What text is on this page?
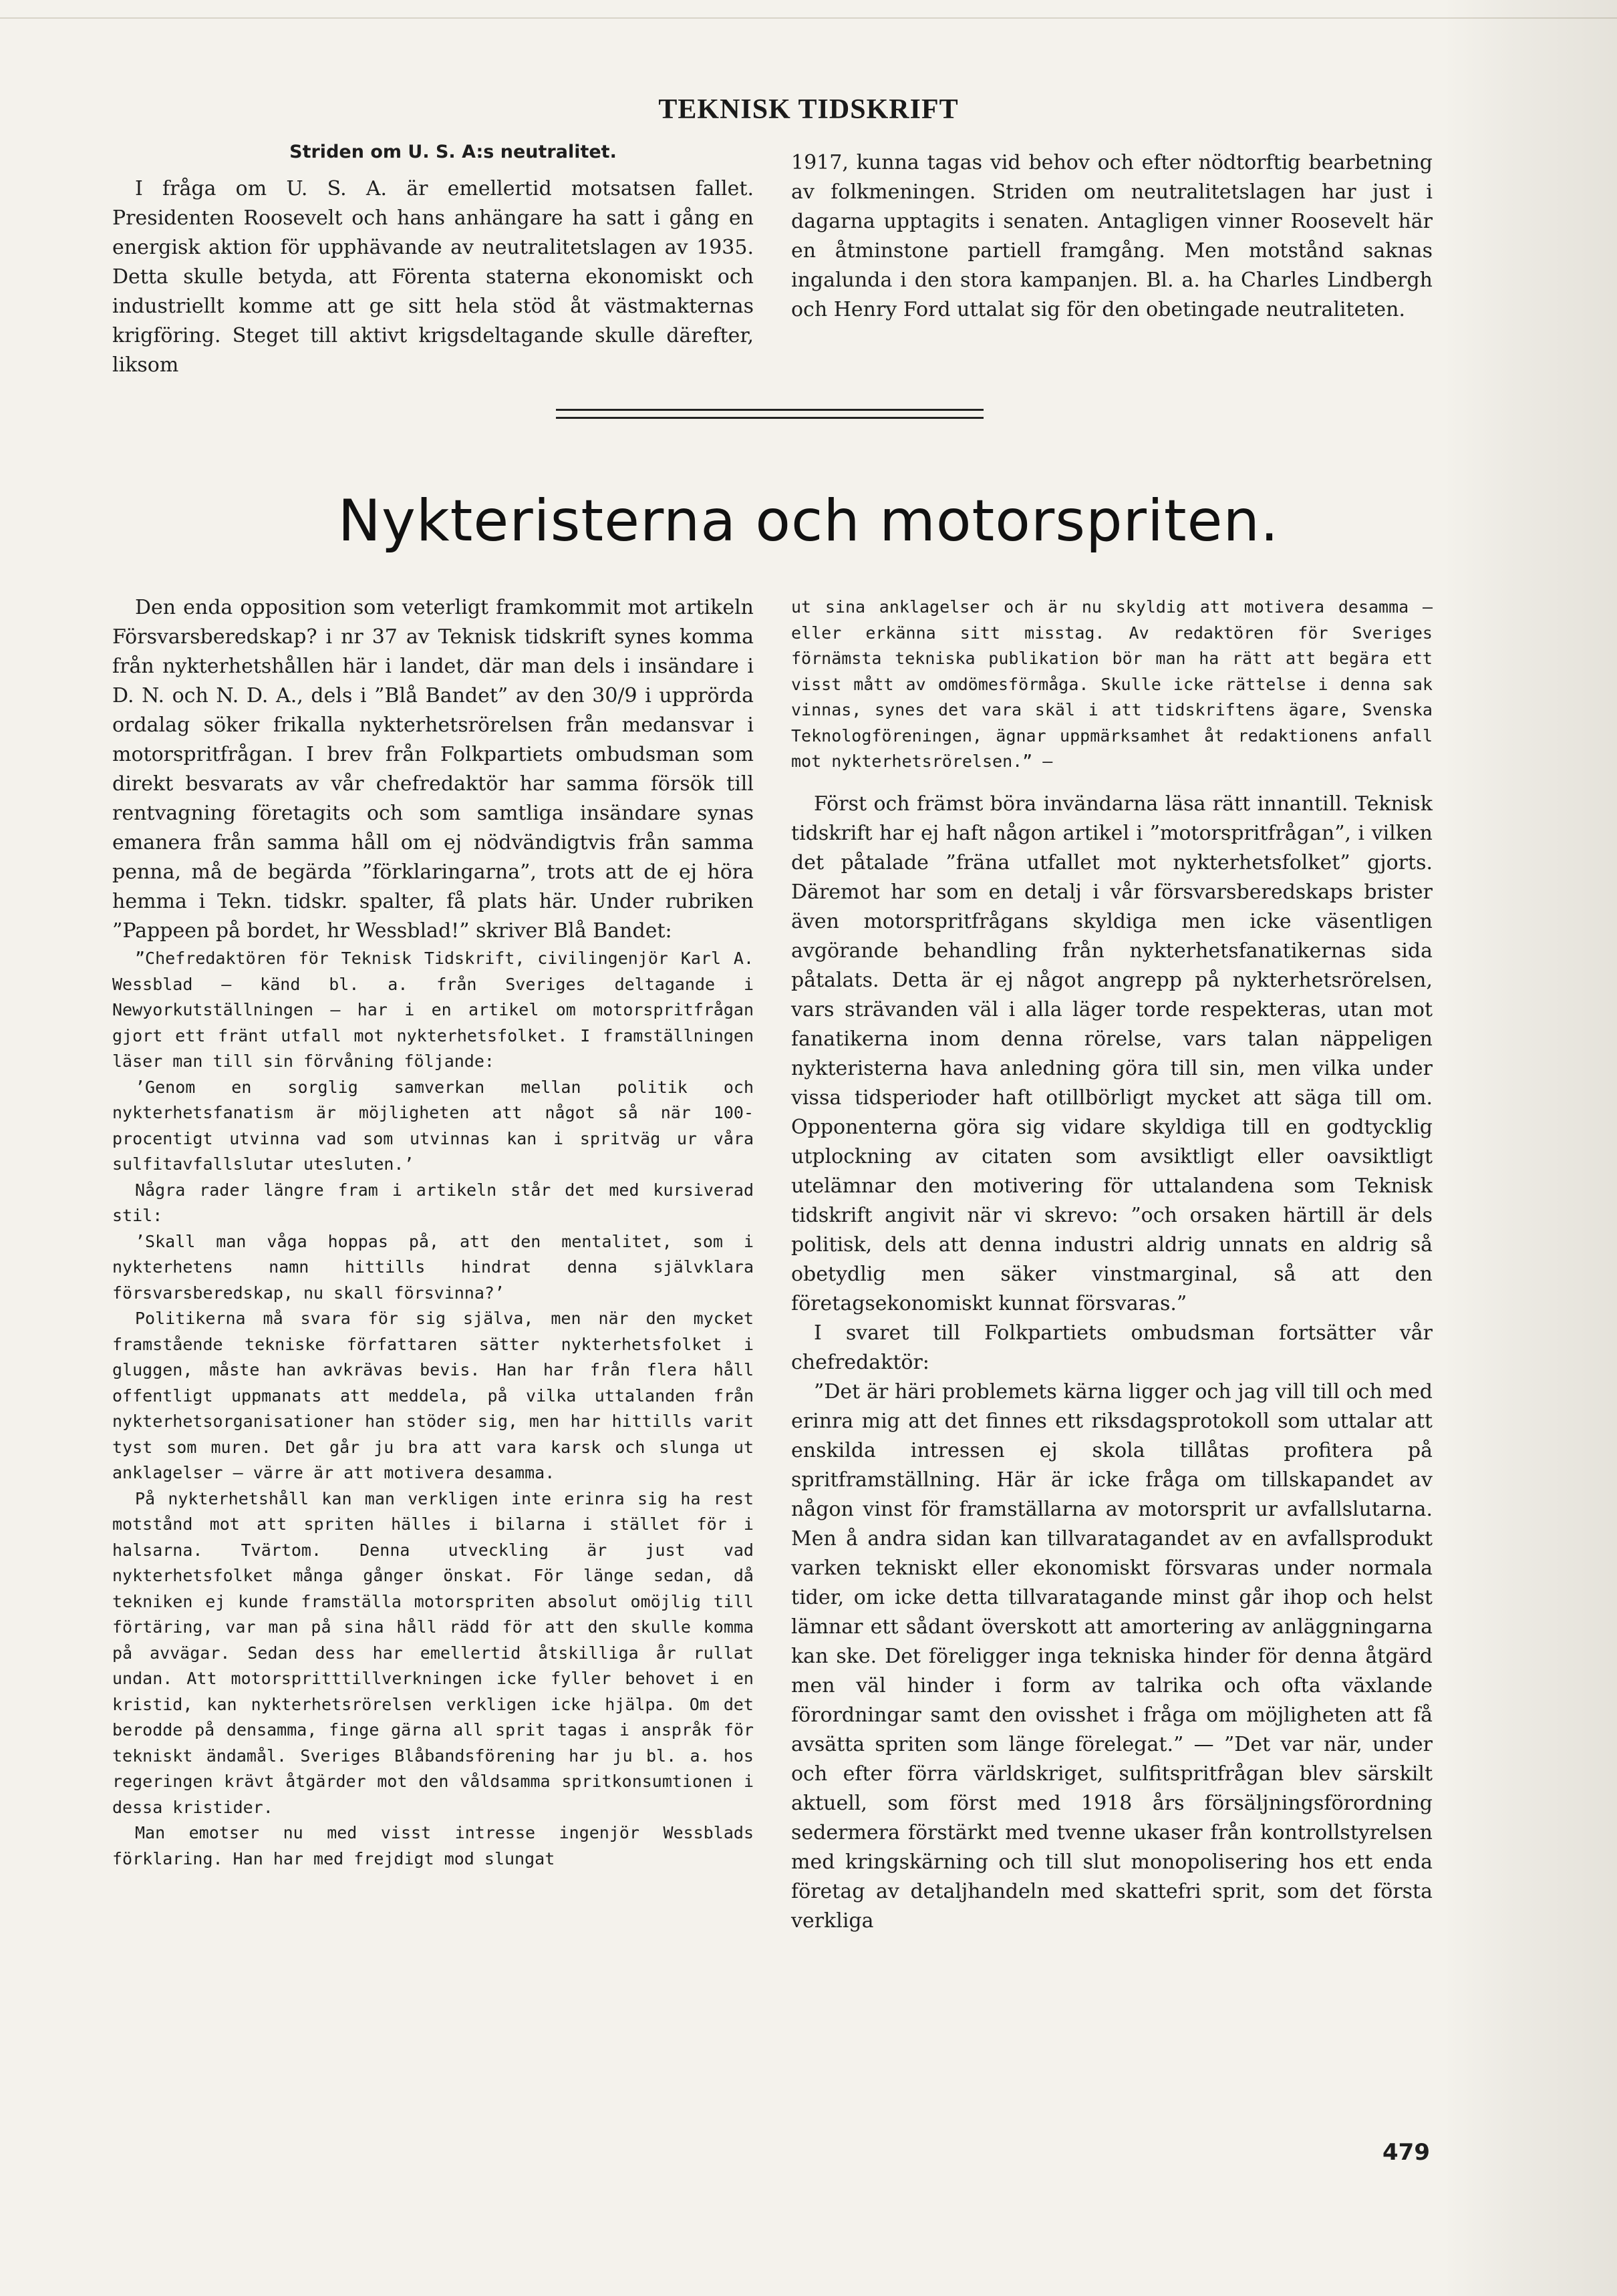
TEKNISK TIDSKRIFT
Striden om U. S. A:s neutralitet.

I fråga om U. S. A. är emellertid motsatsen fallet. Presidenten Roosevelt och hans anhängare ha satt i gång en energisk aktion för upphävande av neutralitetslagen av 1935. Detta skulle betyda, att Förenta staterna ekonomiskt och industriellt komme att ge sitt hela stöd åt västmakternas krigföring. Steget till aktivt krigsdeltagande skulle därefter, liksom

1917, kunna tagas vid behov och efter nödtorftig bearbetning av folkmeningen. Striden om neutralitetslagen har just i dagarna upptagits i senaten. Antagligen vinner Roosevelt här en åtminstone partiell framgång. Men motstånd saknas ingalunda i den stora kampanjen. Bl. a. ha Charles Lindbergh och Henry Ford uttalat sig för den obetingade neutraliteten.

Nykteristerna och motorspriten.

Den enda opposition som veterligt framkommit mot artikeln Försvarsberedskap? i nr 37 av Teknisk tidskrift synes komma från nykterhetshållen här i landet, där man dels i insändare i D. N. och N. D. A., dels i ”Blå Bandet” av den 30/9 i upprörda ordalag söker frikalla nykterhetsrörelsen från medansvar i motorspritfrågan. I brev från Folkpartiets ombudsman som direkt besvarats av vår chefredaktör har samma försök till rentvagning företagits och som samtliga insändare synas emanera från samma håll om ej nödvändigtvis från samma penna, må de begärda ”förklaringarna”, trots att de ej höra hemma i Tekn. tidskr. spalter, få plats här. Under rubriken ”Pappeen på bordet, hr Wessblad!” skriver Blå Bandet:

”Chefredaktören för Teknisk Tidskrift, civilingenjör Karl A. Wessblad — känd bl. a. från Sveriges deltagande i Newyorkutställningen — har i en artikel om motorspritfrågan gjort ett fränt utfall mot nykterhetsfolket. I framställningen läser man till sin förvåning följande:

’Genom en sorglig samverkan mellan politik och nykterhetsfanatism är möjligheten att något så när 100-procentigt utvinna vad som utvinnas kan i spritväg ur våra sulfitavfallslutar utesluten.’

Några rader längre fram i artikeln står det med kursiverad stil:

’Skall man våga hoppas på, att den mentalitet, som i nykterhetens namn hittills hindrat denna självklara försvarsberedskap, nu skall försvinna?’

Politikerna må svara för sig själva, men när den mycket framstående tekniske författaren sätter nykterhetsfolket i gluggen, måste han avkrävas bevis. Han har från flera håll offentligt uppmanats att meddela, på vilka uttalanden från nykterhetsorganisationer han stöder sig, men har hittills varit tyst som muren. Det går ju bra att vara karsk och slunga ut anklagelser — värre är att motivera desamma.

På nykterhetshåll kan man verkligen inte erinra sig ha rest motstånd mot att spriten hälles i bilarna i stället för i halsarna. Tvärtom. Denna utveckling är just vad nykterhetsfolket många gånger önskat. För länge sedan, då tekniken ej kunde framställa motorspriten absolut omöjlig till förtäring, var man på sina håll rädd för att den skulle komma på avvägar. Sedan dess har emellertid åtskilliga år rullat undan. Att motorspritttillverkningen icke fyller behovet i en kristid, kan nykterhetsrörelsen verkligen icke hjälpa. Om det berodde på densamma, finge gärna all sprit tagas i anspråk för tekniskt ändamål. Sveriges Blåbandsförening har ju bl. a. hos regeringen krävt åtgärder mot den våldsamma spritkonsumtionen i dessa kristider.

Man emotser nu med visst intresse ingenjör Wessblads förklaring. Han har med frejdigt mod slungat

ut sina anklagelser och är nu skyldig att motivera desamma — eller erkänna sitt misstag. Av redaktören för Sveriges förnämsta tekniska publikation bör man ha rätt att begära ett visst mått av omdömesförmåga. Skulle icke rättelse i denna sak vinnas, synes det vara skäl i att tidskriftens ägare, Svenska Teknologföreningen, ägnar uppmärksamhet åt redaktionens anfall mot nykterhetsrörelsen.” —

Först och främst böra invändarna läsa rätt innantill. Teknisk tidskrift har ej haft någon artikel i ”motorspritfrågan”, i vilken det påtalade ”fräna utfallet mot nykterhetsfolket” gjorts. Däremot har som en detalj i vår försvarsberedskaps brister även motorspritfrågans skyldiga men icke väsentligen avgörande behandling från nykterhetsfanatikernas sida påtalats. Detta är ej något angrepp på nykterhetsrörelsen, vars strävanden väl i alla läger torde respekteras, utan mot fanatikerna inom denna rörelse, vars talan näppeligen nykteristerna hava anledning göra till sin, men vilka under vissa tidsperioder haft otillbörligt mycket att säga till om. Opponenterna göra sig vidare skyldiga till en godtycklig utplockning av citaten som avsiktligt eller oavsiktligt utelämnar den motivering för uttalandena som Teknisk tidskrift angivit när vi skrevo: ”och orsaken härtill är dels politisk, dels att denna industri aldrig unnats en aldrig så obetydlig men säker vinstmarginal, så att den företagsekonomiskt kunnat försvaras.”

I svaret till Folkpartiets ombudsman fortsätter vår chefredaktör:

”Det är häri problemets kärna ligger och jag vill till och med erinra mig att det finnes ett riksdagsprotokoll som uttalar att enskilda intressen ej skola tillåtas profitera på spritframställning. Här är icke fråga om tillskapandet av någon vinst för framställarna av motorsprit ur avfallslutarna. Men å andra sidan kan tillvaratagandet av en avfallsprodukt varken tekniskt eller ekonomiskt försvaras under normala tider, om icke detta tillvaratagande minst går ihop och helst lämnar ett sådant överskott att amortering av anläggningarna kan ske. Det föreligger inga tekniska hinder för denna åtgärd men väl hinder i form av talrika och ofta växlande förordningar samt den ovisshet i fråga om möjligheten att få avsätta spriten som länge förelegat.” — ”Det var när, under och efter förra världskriget, sulfitspritfrågan blev särskilt aktuell, som först med 1918 års försäljningsförordning sedermera förstärkt med tvenne ukaser från kontrollstyrelsen med kringskärning och till slut monopolisering hos ett enda företag av detaljhandeln med skattefri sprit, som det första verkliga

479
